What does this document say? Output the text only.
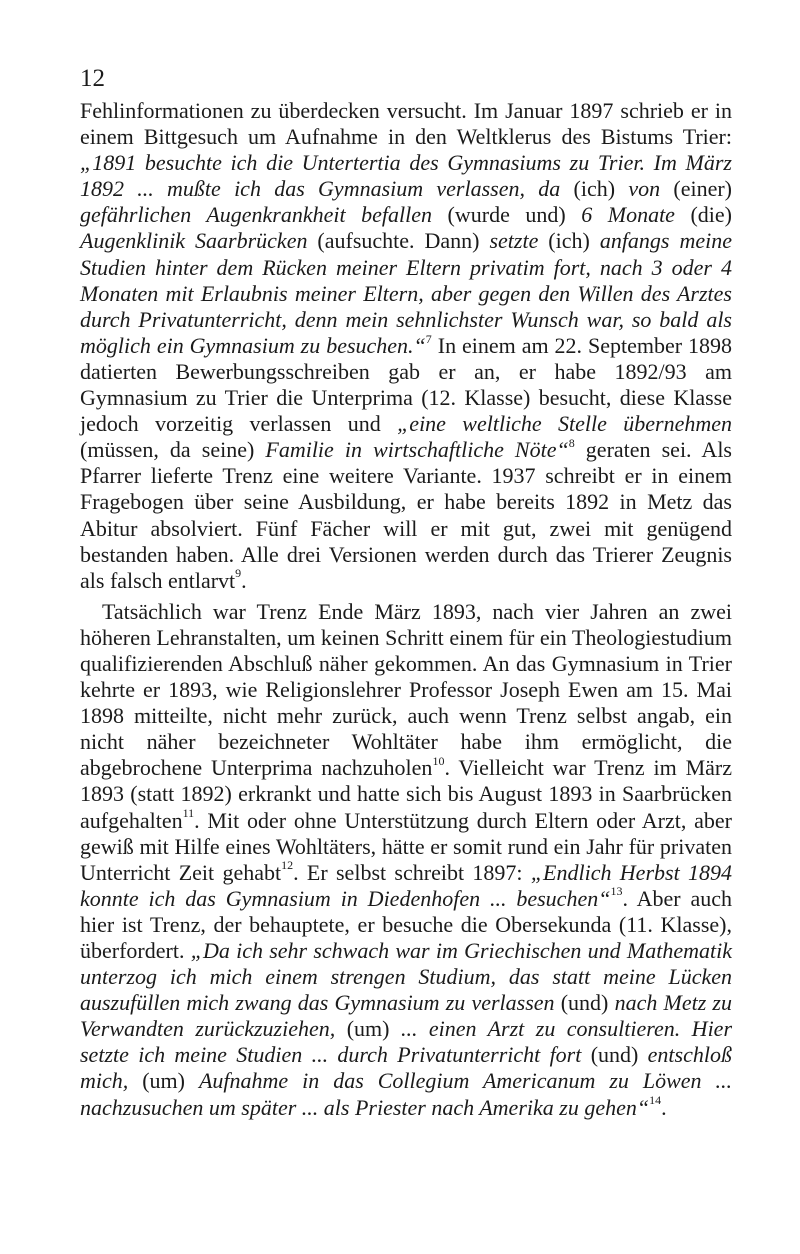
12

Fehlinformationen zu überdecken versucht. Im Januar 1897 schrieb er in einem Bittgesuch um Aufnahme in den Weltklerus des Bistums Trier: „1891 besuchte ich die Untertertia des Gymnasiums zu Trier. Im März 1892 ... mußte ich das Gymnasium verlassen, da (ich) von (einer) gefährlichen Augenkrankheit befallen (wurde und) 6 Monate (die) Augenklinik Saarbrücken (aufsuchte. Dann) setzte (ich) anfangs meine Studien hinter dem Rücken meiner Eltern privatim fort, nach 3 oder 4 Monaten mit Erlaubnis meiner Eltern, aber gegen den Willen des Arztes durch Privatunterricht, denn mein sehnlichster Wunsch war, so bald als möglich ein Gymnasium zu besuchen.“$^7$ In einem am 22. September 1898 datierten Bewerbungsschreiben gab er an, er habe 1892/93 am Gymnasium zu Trier die Unterprima (12. Klasse) besucht, diese Klasse jedoch vorzeitig verlassen und „eine weltliche Stelle übernehmen (müssen, da seine) Familie in wirtschaftliche Nöte“$^8$ geraten sei. Als Pfarrer lieferte Trenz eine weitere Variante. 1937 schreibt er in einem Fragebogen über seine Ausbildung, er habe bereits 1892 in Metz das Abitur absolviert. Fünf Fächer will er mit gut, zwei mit genügend bestanden haben. Alle drei Versionen werden durch das Trierer Zeugnis als falsch entlarvt$^9$.

Tatsächlich war Trenz Ende März 1893, nach vier Jahren an zwei höheren Lehranstalten, um keinen Schritt einem für ein Theologiestudium qualifizierenden Abschluß näher gekommen. An das Gymnasium in Trier kehrte er 1893, wie Religionslehrer Professor Joseph Ewen am 15. Mai 1898 mitteilte, nicht mehr zurück, auch wenn Trenz selbst angab, ein nicht näher bezeichneter Wohltäter habe ihm ermöglicht, die abgebrochene Unterprima nachzuholen$^{10}$. Vielleicht war Trenz im März 1893 (statt 1892) erkrankt und hatte sich bis August 1893 in Saarbrücken aufgehalten$^{11}$. Mit oder ohne Unterstützung durch Eltern oder Arzt, aber gewiß mit Hilfe eines Wohltäters, hätte er somit rund ein Jahr für privaten Unterricht Zeit gehabt$^{12}$. Er selbst schreibt 1897: „Endlich Herbst 1894 konnte ich das Gymnasium in Diedenhofen ... besuchen“$^{13}$. Aber auch hier ist Trenz, der behauptete, er besuche die Obersekunda (11. Klasse), überfordert. „Da ich sehr schwach war im Griechischen und Mathematik unterzog ich mich einem strengen Studium, das statt meine Lücken auszufüllen mich zwang das Gymnasium zu verlassen (und) nach Metz zu Verwandten zurückzuziehen, (um) ... einen Arzt zu consultieren. Hier setzte ich meine Studien ... durch Privatunterricht fort (und) entschloß mich, (um) Aufnahme in das Collegium Americanum zu Löwen ... nachzusuchen um später ... als Priester nach Amerika zu gehen“$^{14}$.
